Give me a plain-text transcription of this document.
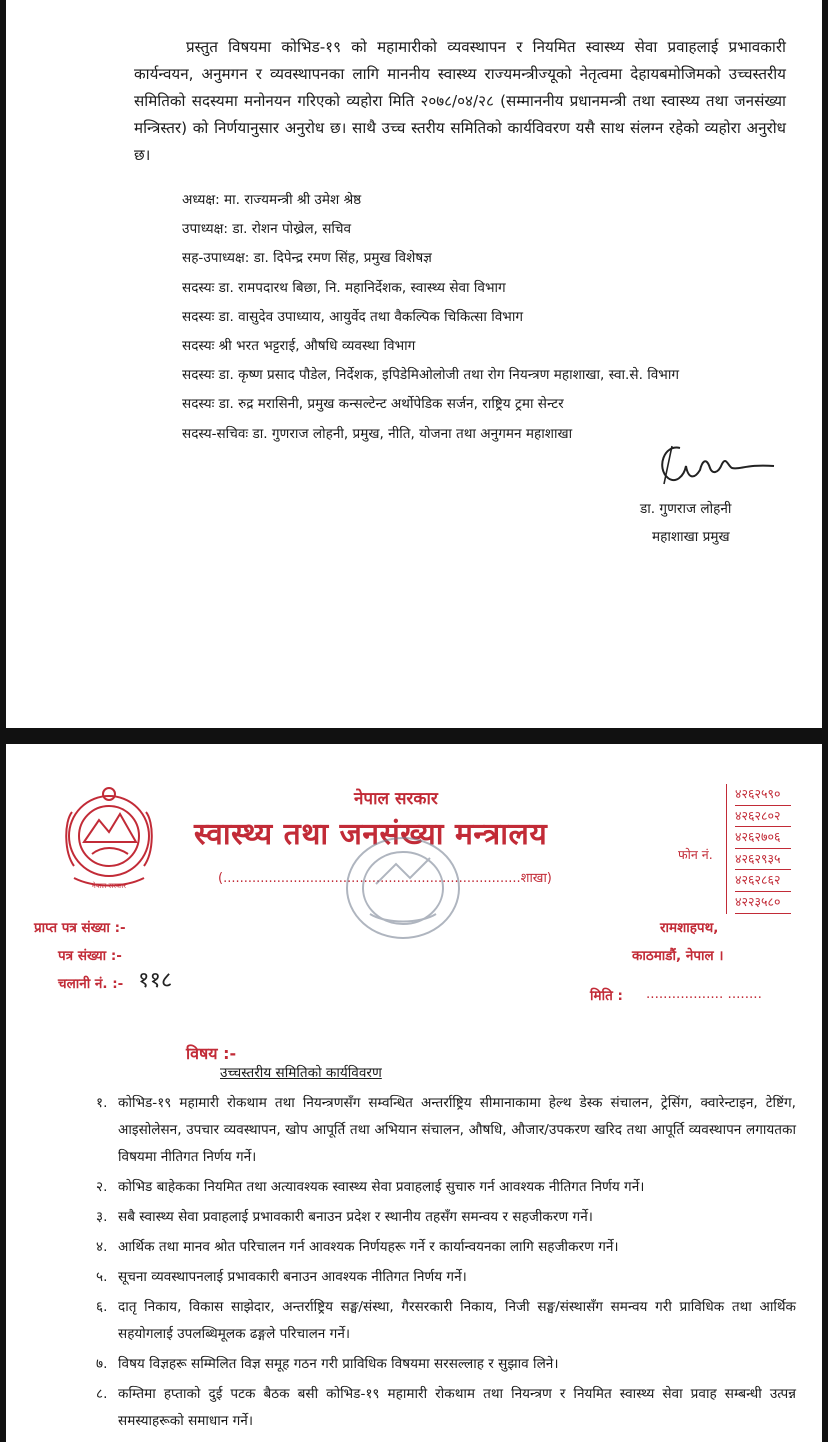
प्रस्तुत विषयमा कोभिड-१९ को महामारीको व्यवस्थापन र नियमित स्वास्थ्य सेवा प्रवाहलाई प्रभावकारी कार्यन्वयन, अनुमगन र व्यवस्थापनका लागि माननीय स्वास्थ्य राज्यमन्त्रीज्यूको नेतृत्वमा देहायबमोजिमको उच्चस्तरीय समितिको सदस्यमा मनोनयन गरिएको व्यहोरा मिति २०७८/०४/२८ (सम्माननीय प्रधानमन्त्री तथा स्वास्थ्य तथा जनसंख्या मन्त्रिस्तर) को निर्णयानुसार अनुरोध छ। साथै उच्च स्तरीय समितिको कार्यविवरण यसै साथ संलग्न रहेको व्यहोरा अनुरोध छ।
अध्यक्ष: मा. राज्यमन्त्री श्री उमेश श्रेष्ठ
उपाध्यक्ष: डा. रोशन पोख्रेल, सचिव
सह-उपाध्यक्ष: डा. दिपेन्द्र रमण सिंह, प्रमुख विशेषज्ञ
सदस्यः डा. रामपदारथ बिछा, नि. महानिर्देशक, स्वास्थ्य सेवा विभाग
सदस्यः डा. वासुदेव उपाध्याय, आयुर्वेद तथा वैकल्पिक चिकित्सा विभाग
सदस्यः श्री भरत भट्टराई, औषधि व्यवस्था विभाग
सदस्यः डा. कृष्ण प्रसाद पौडेल, निर्देशक, इपिडेमिओलोजी तथा रोग नियन्त्रण महाशाखा, स्वा.से. विभाग
सदस्यः डा. रुद्र मरासिनी, प्रमुख कन्सल्टेन्ट अर्थोपेडिक सर्जन, राष्ट्रिय ट्रमा सेन्टर
सदस्य-सचिवः डा. गुणराज लोहनी, प्रमुख, नीति, योजना तथा अनुगमन महाशाखा
डा. गुणराज लोहनी
महाशाखा प्रमुख
नेपाल सरकार
नेपाल सरकार
स्वास्थ्य तथा जनसंख्या मन्त्रालय
(........................................................................शाखा)
फोन नं.
४२६२५९०
४२६२८०२
४२६२७०६
४२६२९३५
४२६२८६२
४२२३५८०
प्राप्त पत्र संख्या :-
पत्र संख्या :-
चलानी नं. :- ११८
रामशाहपथ,
काठमाडौं, नेपाल ।
मिति : .................. ........
विषय :-
उच्चस्तरीय समितिको कार्यविवरण
१. कोभिड-१९ महामारी रोकथाम तथा नियन्त्रणसँग सम्वन्धित अन्तर्राष्ट्रिय सीमानाकामा हेल्थ डेस्क संचालन, ट्रेसिंग, क्वारेन्टाइन, टेष्टिंग, आइसोलेसन, उपचार व्यवस्थापन, खोप आपूर्ति तथा अभियान संचालन, औषधि, औजार/उपकरण खरिद तथा आपूर्ति व्यवस्थापन लगायतका विषयमा नीतिगत निर्णय गर्ने।
२. कोभिड बाहेकका नियमित तथा अत्यावश्यक स्वास्थ्य सेवा प्रवाहलाई सुचारु गर्न आवश्यक नीतिगत निर्णय गर्ने।
३. सबै स्वास्थ्य सेवा प्रवाहलाई प्रभावकारी बनाउन प्रदेश र स्थानीय तहसँग समन्वय र सहजीकरण गर्ने।
४. आर्थिक तथा मानव श्रोत परिचालन गर्न आवश्यक निर्णयहरू गर्ने र कार्यान्वयनका लागि सहजीकरण गर्ने।
५. सूचना व्यवस्थापनलाई प्रभावकारी बनाउन आवश्यक नीतिगत निर्णय गर्ने।
६. दातृ निकाय, विकास साझेदार, अन्तर्राष्ट्रिय सङ्घ/संस्था, गैरसरकारी निकाय, निजी सङ्घ/संस्थासँग समन्वय गरी प्राविधिक तथा आर्थिक सहयोगलाई उपलब्धिमूलक ढङ्गले परिचालन गर्ने।
७. विषय विज्ञहरू सम्मिलित विज्ञ समूह गठन गरी प्राविधिक विषयमा सरसल्लाह र सुझाव लिने।
८. कम्तिमा हप्ताको दुई पटक बैठक बसी कोभिड-१९ महामारी रोकथाम तथा नियन्त्रण र नियमित स्वास्थ्य सेवा प्रवाह सम्बन्धी उत्पन्न समस्याहरूको समाधान गर्ने।
